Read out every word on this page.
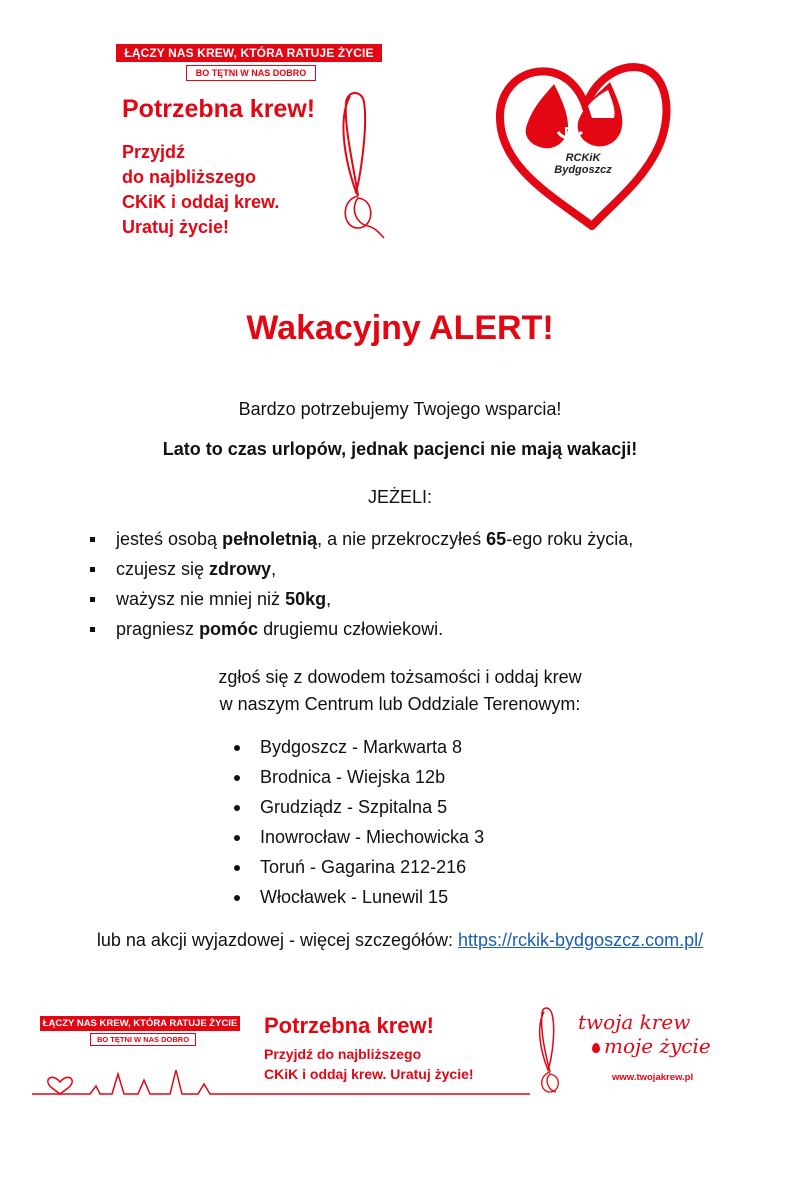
ŁĄCZY NAS KREW, KTÓRA RATUJE ŻYCIE
BO TĘTNI W NAS DOBRO
Potrzebna krew!
Przyjdź
do najbliższego
CKiK i oddaj krew.
Uratuj życie!
RCKiK
Bydgoszcz
Wakacyjny ALERT!
Bardzo potrzebujemy Twojego wsparcia!
Lato to czas urlopów, jednak pacjenci nie mają wakacji!
JEŻELI:
jesteś osobą pełnoletnią, a nie przekroczyłeś 65-ego roku życia,
czujesz się zdrowy,
ważysz nie mniej niż 50kg,
pragniesz pomóc drugiemu człowiekowi.
zgłoś się z dowodem tożsamości i oddaj krew
w naszym Centrum lub Oddziale Terenowym:
Bydgoszcz - Markwarta 8
Brodnica - Wiejska 12b
Grudziądz - Szpitalna 5
Inowrocław - Miechowicka 3
Toruń - Gagarina 212-216
Włocławek - Lunewil 15
lub na akcji wyjazdowej - więcej szczegółów: https://rckik-bydgoszcz.com.pl/
ŁĄCZY NAS KREW, KTÓRA RATUJE ŻYCIE
BO TĘTNI W NAS DOBRO
Potrzebna krew!
Przyjdź do najbliższego
CKiK i oddaj krew. Uratuj życie!
twoja krew
moje życie
www.twojakrew.pl
